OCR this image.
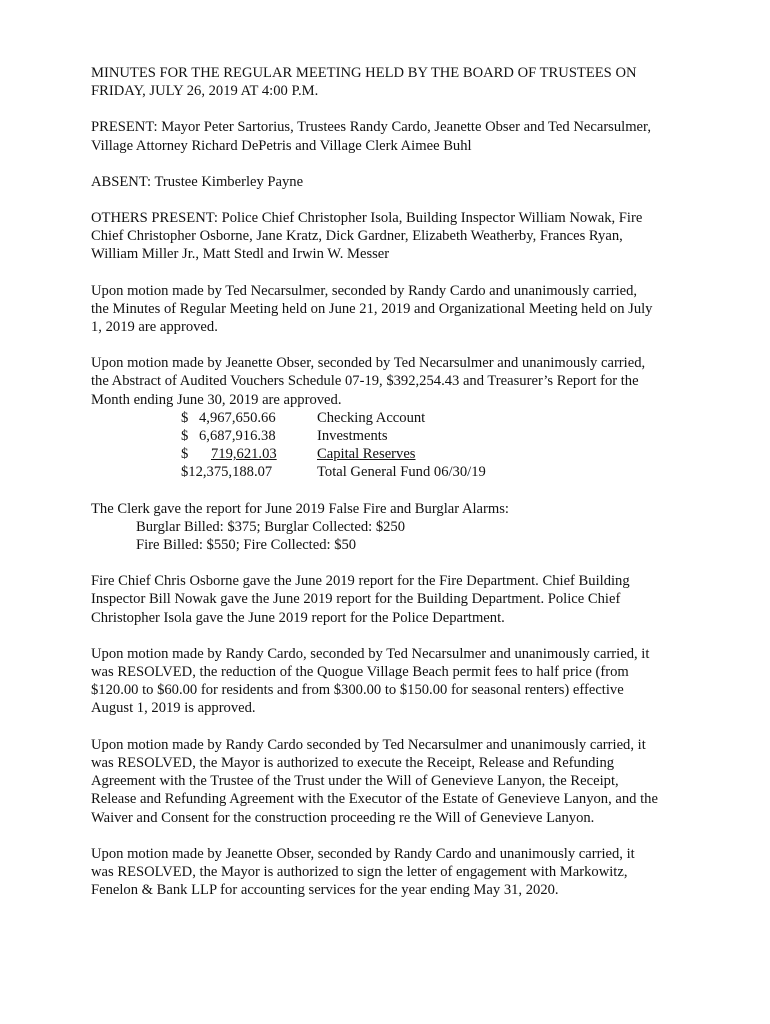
MINUTES FOR THE REGULAR MEETING HELD BY THE BOARD OF TRUSTEES ON
FRIDAY, JULY 26, 2019 AT 4:00 P.M.

PRESENT: Mayor Peter Sartorius, Trustees Randy Cardo, Jeanette Obser and Ted Necarsulmer,
Village Attorney Richard DePetris and Village Clerk Aimee Buhl

ABSENT: Trustee Kimberley Payne

OTHERS PRESENT: Police Chief Christopher Isola, Building Inspector William Nowak, Fire
Chief Christopher Osborne, Jane Kratz, Dick Gardner, Elizabeth Weatherby, Frances Ryan,
William Miller Jr., Matt Stedl and Irwin W. Messer

Upon motion made by Ted Necarsulmer, seconded by Randy Cardo and unanimously carried,
the Minutes of Regular Meeting held on June 21, 2019 and Organizational Meeting held on July
1, 2019 are approved.

Upon motion made by Jeanette Obser, seconded by Ted Necarsulmer and unanimously carried,
the Abstract of Audited Vouchers Schedule 07-19, $392,254.43 and Treasurer’s Report for the
Month ending June 30, 2019 are approved.
$ 4,967,650.66	Checking Account
$ 6,687,916.38	Investments
$ 719,621.03	Capital Reserves
$12,375,188.07	Total General Fund 06/30/19

The Clerk gave the report for June 2019 False Fire and Burglar Alarms:
Burglar Billed: $375; Burglar Collected: $250
Fire Billed: $550; Fire Collected: $50

Fire Chief Chris Osborne gave the June 2019 report for the Fire Department. Chief Building
Inspector Bill Nowak gave the June 2019 report for the Building Department. Police Chief
Christopher Isola gave the June 2019 report for the Police Department.

Upon motion made by Randy Cardo, seconded by Ted Necarsulmer and unanimously carried, it
was RESOLVED, the reduction of the Quogue Village Beach permit fees to half price (from
$120.00 to $60.00 for residents and from $300.00 to $150.00 for seasonal renters) effective
August 1, 2019 is approved.

Upon motion made by Randy Cardo seconded by Ted Necarsulmer and unanimously carried, it
was RESOLVED, the Mayor is authorized to execute the Receipt, Release and Refunding
Agreement with the Trustee of the Trust under the Will of Genevieve Lanyon, the Receipt,
Release and Refunding Agreement with the Executor of the Estate of Genevieve Lanyon, and the
Waiver and Consent for the construction proceeding re the Will of Genevieve Lanyon.

Upon motion made by Jeanette Obser, seconded by Randy Cardo and unanimously carried, it
was RESOLVED, the Mayor is authorized to sign the letter of engagement with Markowitz,
Fenelon & Bank LLP for accounting services for the year ending May 31, 2020.
